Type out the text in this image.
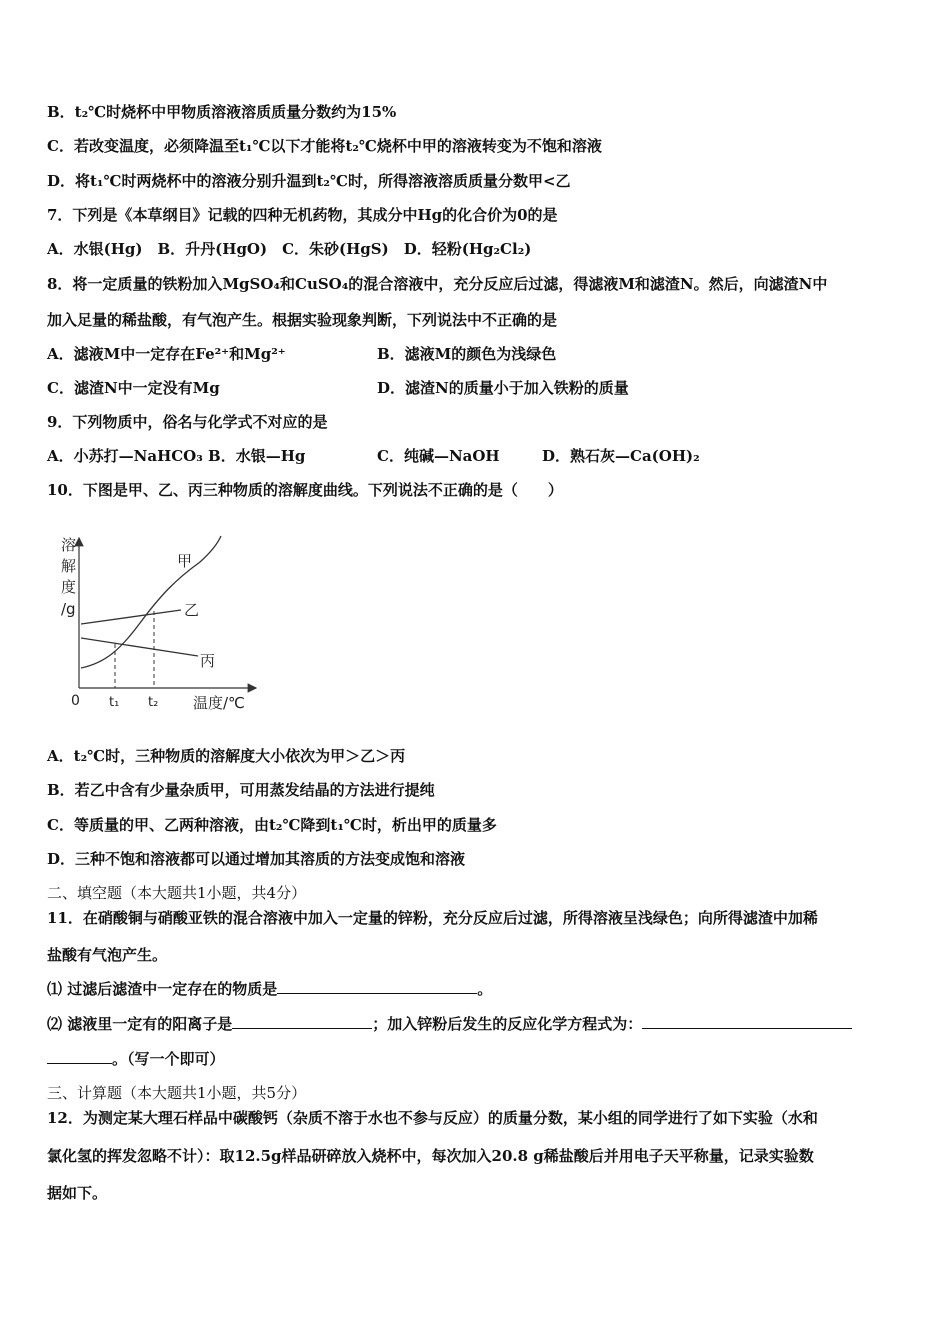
B．t₂℃时烧杯中甲物质溶液溶质质量分数约为15%
C．若改变温度，必须降温至t₁℃以下才能将t₂℃烧杯中甲的溶液转变为不饱和溶液
D．将t₁℃时两烧杯中的溶液分别升温到t₂℃时，所得溶液溶质质量分数甲<乙
7．下列是《本草纲目》记载的四种无机药物，其成分中Hg的化合价为0的是
A．水银(Hg)　B．升丹(HgO)　C．朱砂(HgS)　D．轻粉(Hg₂Cl₂)
8．将一定质量的铁粉加入MgSO₄和CuSO₄的混合溶液中，充分反应后过滤，得滤液M和滤渣N。然后，向滤渣N中
加入足量的稀盐酸，有气泡产生。根据实验现象判断，下列说法中不正确的是
A．滤液M中一定存在Fe²⁺和Mg²⁺	B．滤液M的颜色为浅绿色
C．滤渣N中一定没有Mg	D．滤渣N的质量小于加入铁粉的质量
9．下列物质中，俗名与化学式不对应的是
A．小苏打—NaHCO₃ B．水银—Hg	C．纯碱—NaOH	D．熟石灰—Ca(OH)₂
10．下图是甲、乙、丙三种物质的溶解度曲线。下列说法不正确的是（　　）
溶 解 度 /g
甲
乙
丙
0 t₁ t₂ 温度/℃
A．t₂℃时，三种物质的溶解度大小依次为甲＞乙＞丙
B．若乙中含有少量杂质甲，可用蒸发结晶的方法进行提纯
C．等质量的甲、乙两种溶液，由t₂℃降到t₁℃时，析出甲的质量多
D．三种不饱和溶液都可以通过增加其溶质的方法变成饱和溶液
二、填空题（本大题共1小题，共4分）
11．在硝酸铜与硝酸亚铁的混合溶液中加入一定量的锌粉，充分反应后过滤，所得溶液呈浅绿色；向所得滤渣中加稀
盐酸有气泡产生。
⑴ 过滤后滤渣中一定存在的物质是	。
⑵ 滤液里一定有的阳离子是	；加入锌粉后发生的反应化学方程式为：
。（写一个即可）
三、计算题（本大题共1小题，共5分）
12．为测定某大理石样品中碳酸钙（杂质不溶于水也不参与反应）的质量分数，某小组的同学进行了如下实验（水和
氯化氢的挥发忽略不计）：取12.5g样品研碎放入烧杯中，每次加入20.8 g稀盐酸后并用电子天平称量，记录实验数
据如下。
